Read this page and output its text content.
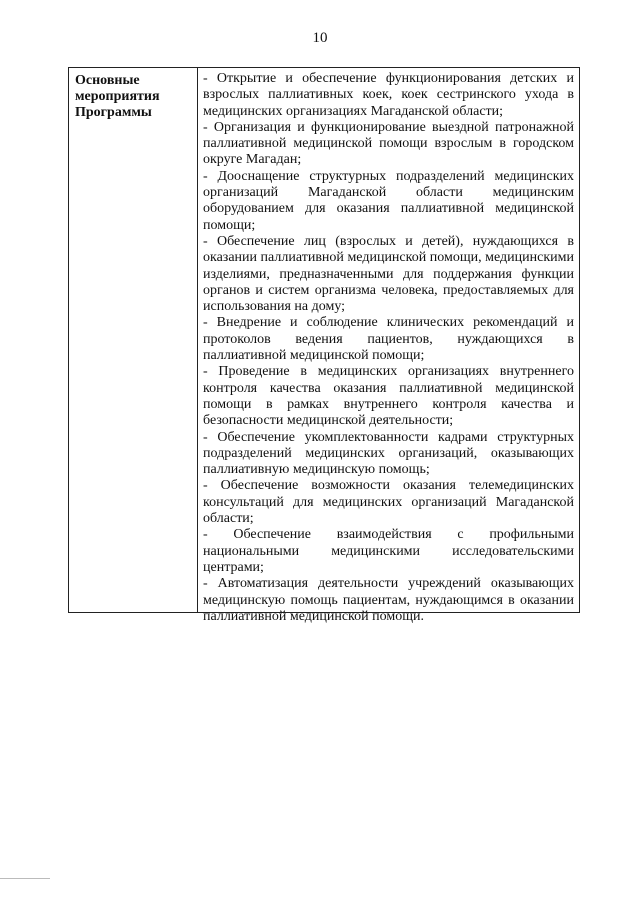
10
Основные
мероприятия
Программы

- Открытие и обеспечение функционирования детских и взрослых паллиативных коек, коек сестринского ухода в медицинских организациях Магаданской области;

- Организация и функционирование выездной патронажной паллиативной медицинской помощи взрослым в городском округе Магадан;

- Дооснащение структурных подразделений медицинских организаций Магаданской области медицинским оборудованием для оказания паллиативной медицинской помощи;

- Обеспечение лиц (взрослых и детей), нуждающихся в оказании паллиативной медицинской помощи, медицинскими изделиями, предназначенными для поддержания функции органов и систем организма человека, предоставляемых для использования на дому;

- Внедрение и соблюдение клинических рекомендаций и протоколов ведения пациентов, нуждающихся в паллиативной медицинской помощи;

- Проведение в медицинских организациях внутреннего контроля качества оказания паллиативной медицинской помощи в рамках внутреннего контроля качества и безопасности медицинской деятельности;

- Обеспечение укомплектованности кадрами структурных подразделений медицинских организаций, оказывающих паллиативную медицинскую помощь;

- Обеспечение возможности оказания телемедицинских консультаций для медицинских организаций Магаданской области;

- Обеспечение взаимодействия с профильными национальными медицинскими исследовательскими центрами;

- Автоматизация деятельности учреждений оказывающих медицинскую помощь пациентам, нуждающимся в оказании паллиативной медицинской помощи.
